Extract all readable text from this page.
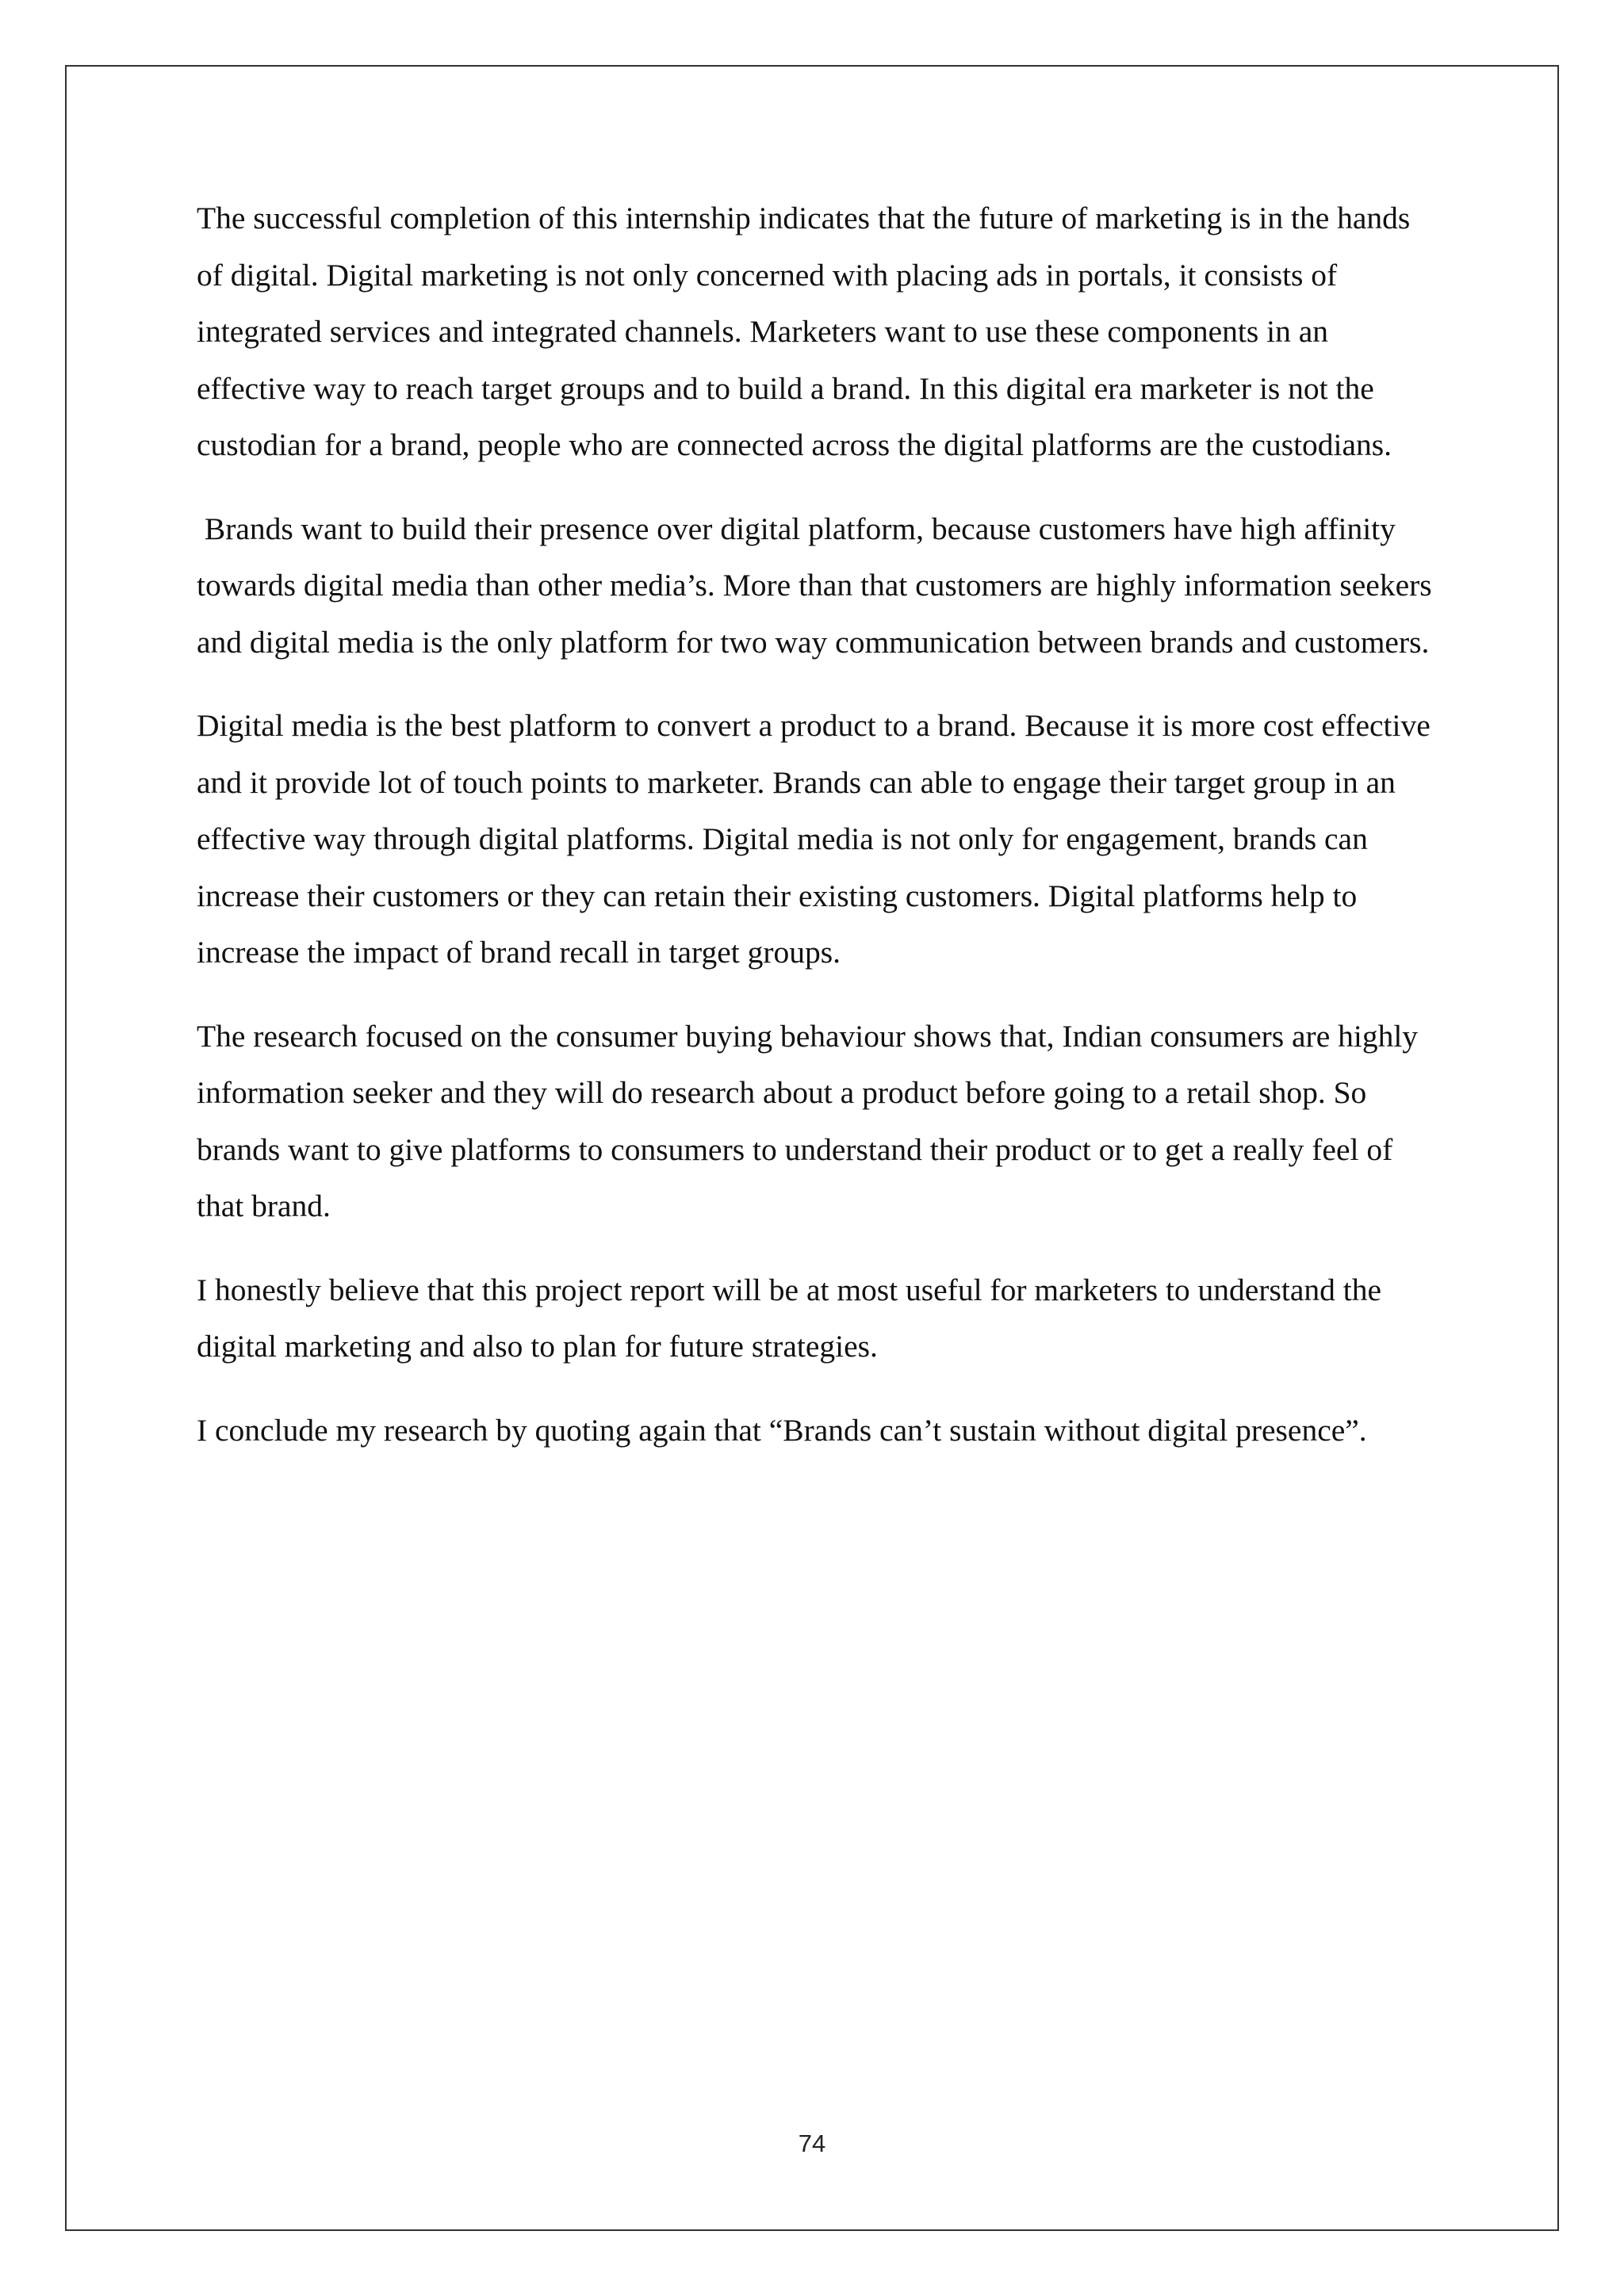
The successful completion of this internship indicates that the future of marketing is in the hands of digital. Digital marketing is not only concerned with placing ads in portals, it consists of integrated services and integrated channels. Marketers want to use these components in an effective way to reach target groups and to build a brand. In this digital era marketer is not the custodian for a brand, people who are connected across the digital platforms are the custodians.

Brands want to build their presence over digital platform, because customers have high affinity towards digital media than other media’s. More than that customers are highly information seekers and digital media is the only platform for two way communication between brands and customers.

Digital media is the best platform to convert a product to a brand. Because it is more cost effective and it provide lot of touch points to marketer. Brands can able to engage their target group in an effective way through digital platforms. Digital media is not only for engagement, brands can increase their customers or they can retain their existing customers. Digital platforms help to increase the impact of brand recall in target groups.

The research focused on the consumer buying behaviour shows that, Indian consumers are highly information seeker and they will do research about a product before going to a retail shop. So brands want to give platforms to consumers to understand their product or to get a really feel of that brand.

I honestly believe that this project report will be at most useful for marketers to understand the digital marketing and also to plan for future strategies.

I conclude my research by quoting again that “Brands can’t sustain without digital presence”.

74
